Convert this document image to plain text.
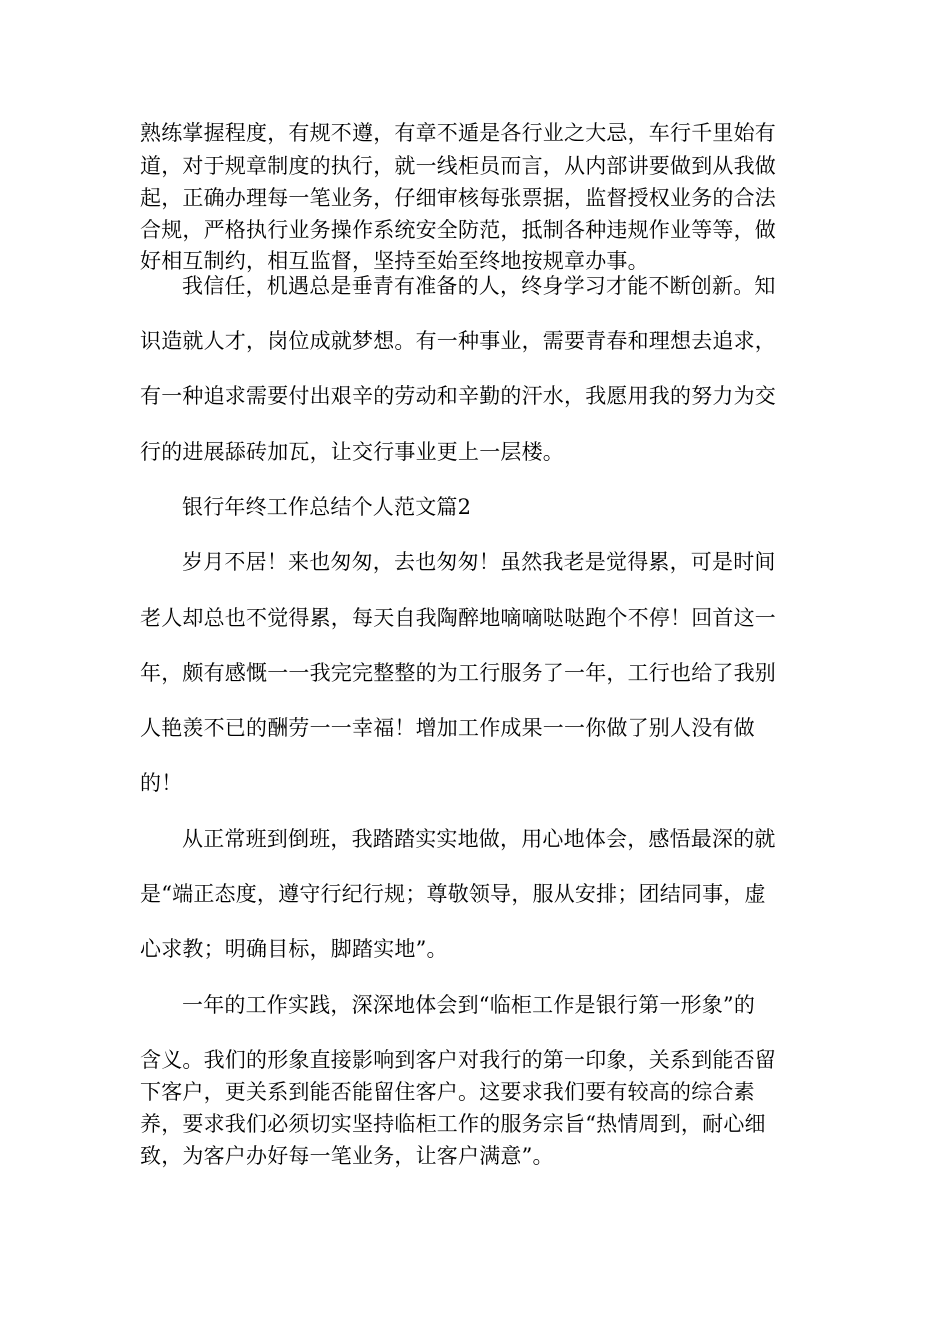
熟练掌握程度，有规不遵，有章不遁是各行业之大忌，车行千里始有
道，对于规章制度的执行，就一线柜员而言，从内部讲要做到从我做
起，正确办理每一笔业务，仔细审核每张票据，监督授权业务的合法
合规，严格执行业务操作系统安全防范，抵制各种违规作业等等，做
好相互制约，相互监督，坚持至始至终地按规章办事。
我信任，机遇总是垂青有准备的人，终身学习才能不断创新。知
识造就人才，岗位成就梦想。有一种事业，需要青春和理想去追求，
有一种追求需要付出艰辛的劳动和辛勤的汗水，我愿用我的努力为交
行的进展舔砖加瓦，让交行事业更上一层楼。
银行年终工作总结个人范文篇2
岁月不居！来也匆匆，去也匆匆！虽然我老是觉得累，可是时间
老人却总也不觉得累，每天自我陶醉地嘀嘀哒哒跑个不停！回首这一
年，颇有感慨一一我完完整整的为工行服务了一年，工行也给了我别
人艳羡不已的酬劳一一幸福！增加工作成果一一你做了别人没有做
的！
从正常班到倒班，我踏踏实实地做，用心地体会，感悟最深的就
是“端正态度，遵守行纪行规；尊敬领导，服从安排；团结同事，虚
心求教；明确目标，脚踏实地”。
一年的工作实践，深深地体会到“临柜工作是银行第一形象”的
含义。我们的形象直接影响到客户对我行的第一印象，关系到能否留
下客户，更关系到能否能留住客户。这要求我们要有较高的综合素
养，要求我们必须切实坚持临柜工作的服务宗旨“热情周到，耐心细
致，为客户办好每一笔业务，让客户满意”。
